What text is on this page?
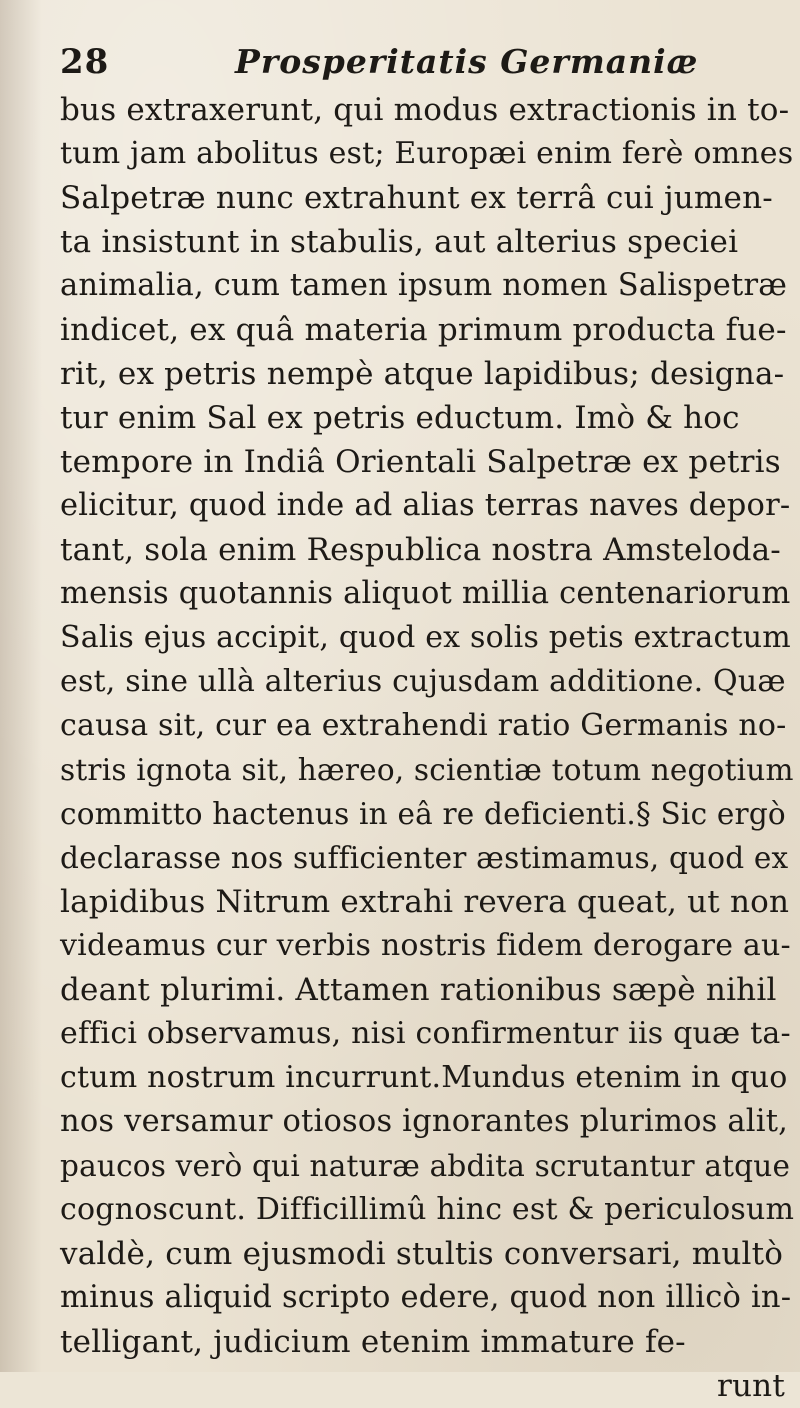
28	Prosperitatis Germaniæ
bus extraxerunt, qui modus extractionis in to-
tum jam abolitus est; Europæi enim ferè omnes
Salpetræ nunc extrahunt ex terrâ cui jumen-
ta insistunt in stabulis, aut alterius speciei
animalia, cum tamen ipsum nomen Salispetræ
indicet, ex quâ materia primum producta fue-
rit, ex petris nempè atque lapidibus; designa-
tur enim Sal ex petris eductum. Imò & hoc
tempore in Indiâ Orientali Salpetræ ex petris
elicitur, quod inde ad alias terras naves depor-
tant, sola enim Respublica nostra Amsteloda-
mensis quotannis aliquot millia centenariorum
Salis ejus accipit, quod ex solis petis extractum
est, sine ullà alterius cujusdam additione. Quæ
causa sit, cur ea extrahendi ratio Germanis no-
stris ignota sit, hæreo, scientiæ totum negotium
committo hactenus in eâ re deficienti.§ Sic ergò
declarasse nos sufficienter æstimamus, quod ex
lapidibus Nitrum extrahi revera queat, ut non
videamus cur verbis nostris fidem derogare au-
deant plurimi. Attamen rationibus sæpè nihil
effici observamus, nisi confirmentur iis quæ ta-
ctum nostrum incurrunt.Mundus etenim in quo
nos versamur otiosos ignorantes plurimos alit,
paucos verò qui naturæ abdita scrutantur atque
cognoscunt. Difficillimû hinc est & periculosum
valdè, cum ejusmodi stultis conversari, multò
minus aliquid scripto edere, quod non illicò in-
telligant, judicium etenim immature fe-
runt
